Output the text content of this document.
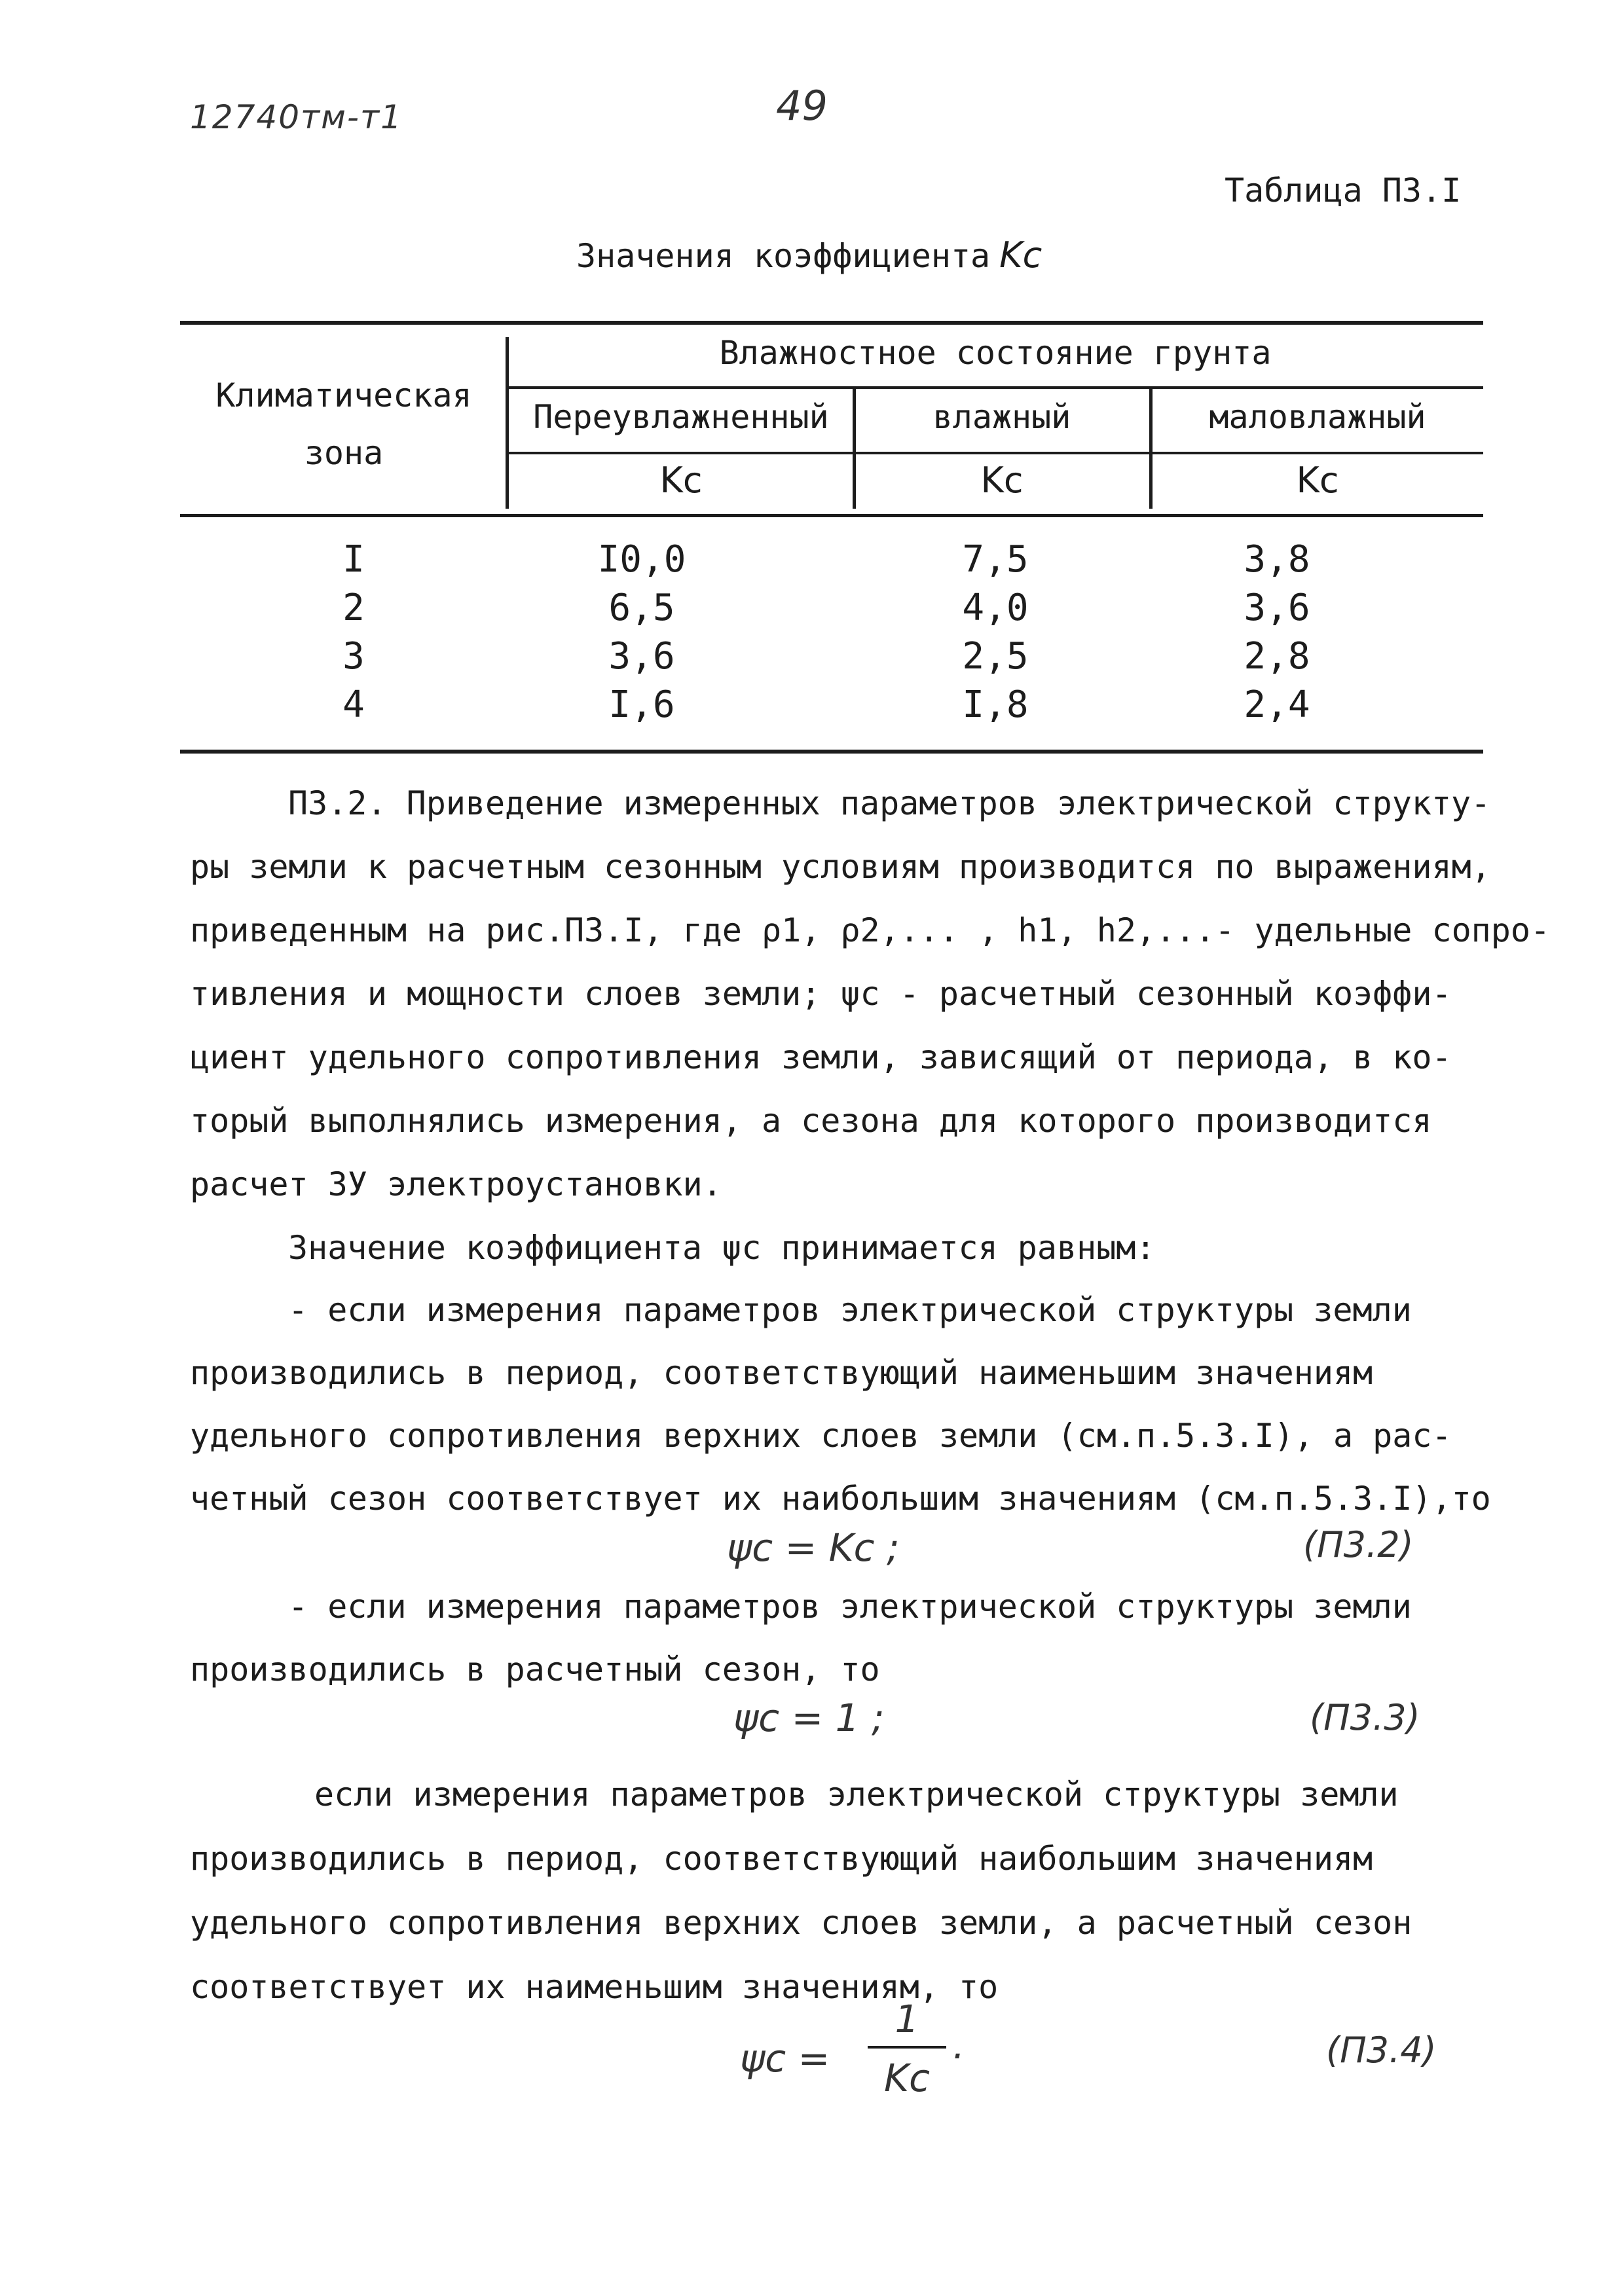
12740тм-т1	49
Таблица П3.I
Значения коэффициента Kc
Климатическая
зона
Влажностное состояние грунта
Переувлажненный	влажный	маловлажный
Kc	Kc	Kc
I	I0,0	7,5	3,8
2	6,5	4,0	3,6
3	3,6	2,5	2,8
4	I,6	I,8	2,4
П3.2. Приведение измеренных параметров электрической структу-
ры земли к расчетным сезонным условиям производится по выражениям,
приведенным на рис.П3.I, где ρ1, ρ2,... , h1, h2,...- удельные сопро-
тивления и мощности слоев земли; ψc - расчетный сезонный коэффи-
циент удельного сопротивления земли, зависящий от периода, в ко-
торый выполнялись измерения, а сезона для которого производится
расчет ЗУ электроустановки.
Значение коэффициента ψc принимается равным:
- если измерения параметров электрической структуры земли
производились в период, соответствующий наименьшим значениям
удельного сопротивления верхних слоев земли (см.п.5.3.I), а рас-
четный сезон соответствует их наибольшим значениям (см.п.5.3.I),то
ψc = Kc ;	(П3.2)
- если измерения параметров электрической структуры земли
производились в расчетный сезон, то
ψc = 1 ;	(П3.3)
если измерения параметров электрической структуры земли
производились в период, соответствующий наибольшим значениям
удельного сопротивления верхних слоев земли, а расчетный сезон
соответствует их наименьшим значениям, то
ψc =
1
Kc
.	(П3.4)
